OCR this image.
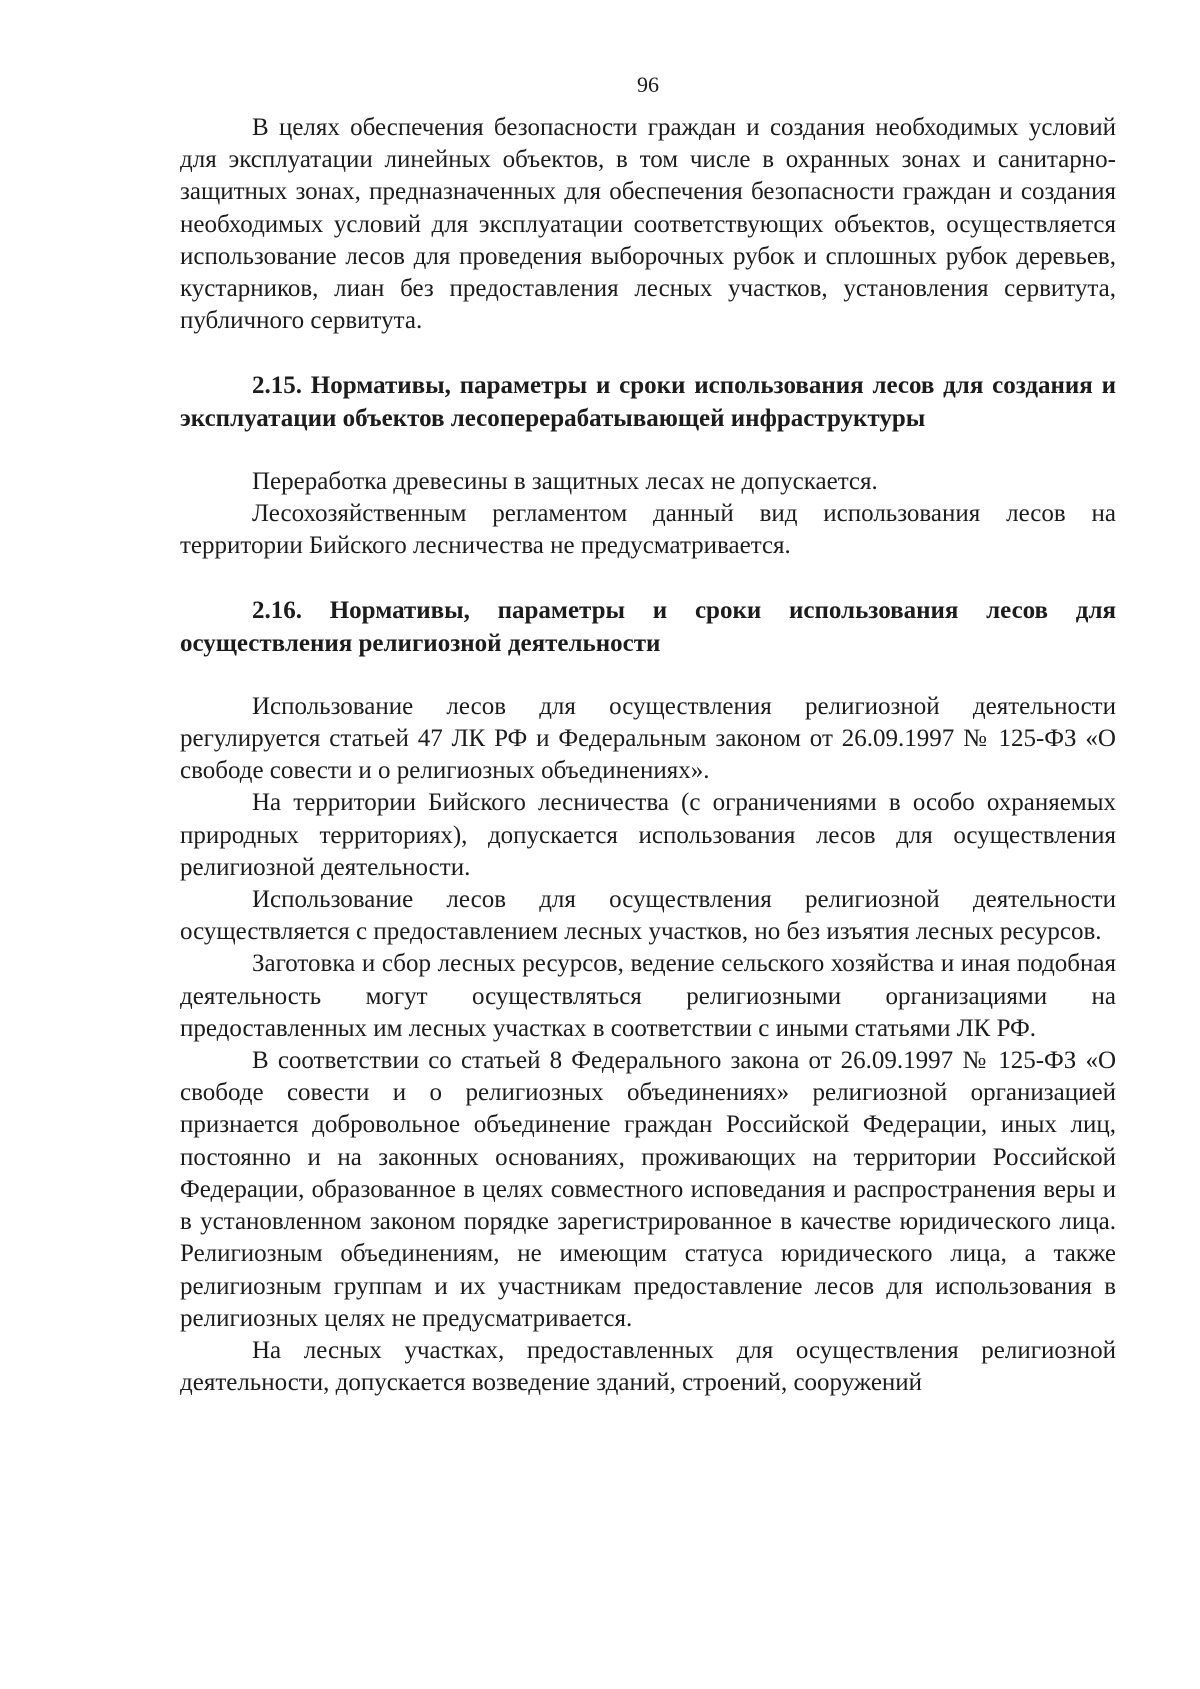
96

В целях обеспечения безопасности граждан и создания необходимых условий для эксплуатации линейных объектов, в том числе в охранных зонах и санитарно-защитных зонах, предназначенных для обеспечения безопасности граждан и создания необходимых условий для эксплуатации соответствующих объектов, осуществляется использование лесов для проведения выборочных рубок и сплошных рубок деревьев, кустарников, лиан без предоставления лесных участков, установления сервитута, публичного сервитута.

2.15. Нормативы, параметры и сроки использования лесов для создания и эксплуатации объектов лесоперерабатывающей инфраструктуры

Переработка древесины в защитных лесах не допускается.

Лесохозяйственным регламентом данный вид использования лесов на территории Бийского лесничества не предусматривается.

2.16. Нормативы, параметры и сроки использования лесов для осуществления религиозной деятельности

Использование лесов для осуществления религиозной деятельности регулируется статьей 47 ЛК РФ и Федеральным законом от 26.09.1997 № 125-ФЗ «О свободе совести и о религиозных объединениях».

На территории Бийского лесничества (с ограничениями в особо охраняемых природных территориях), допускается использования лесов для осуществления религиозной деятельности.

Использование лесов для осуществления религиозной деятельности осуществляется с предоставлением лесных участков, но без изъятия лесных ресурсов.

Заготовка и сбор лесных ресурсов, ведение сельского хозяйства и иная подобная деятельность могут осуществляться религиозными организациями на предоставленных им лесных участках в соответствии с иными статьями ЛК РФ.

В соответствии со статьей 8 Федерального закона от 26.09.1997 № 125-ФЗ «О свободе совести и о религиозных объединениях» религиозной организацией признается добровольное объединение граждан Российской Федерации, иных лиц, постоянно и на законных основаниях, проживающих на территории Российской Федерации, образованное в целях совместного исповедания и распространения веры и в установленном законом порядке зарегистрированное в качестве юридического лица. Религиозным объединениям, не имеющим статуса юридического лица, а также религиозным группам и их участникам предоставление лесов для использования в религиозных целях не предусматривается.

На лесных участках, предоставленных для осуществления религиозной деятельности, допускается возведение зданий, строений, сооружений
